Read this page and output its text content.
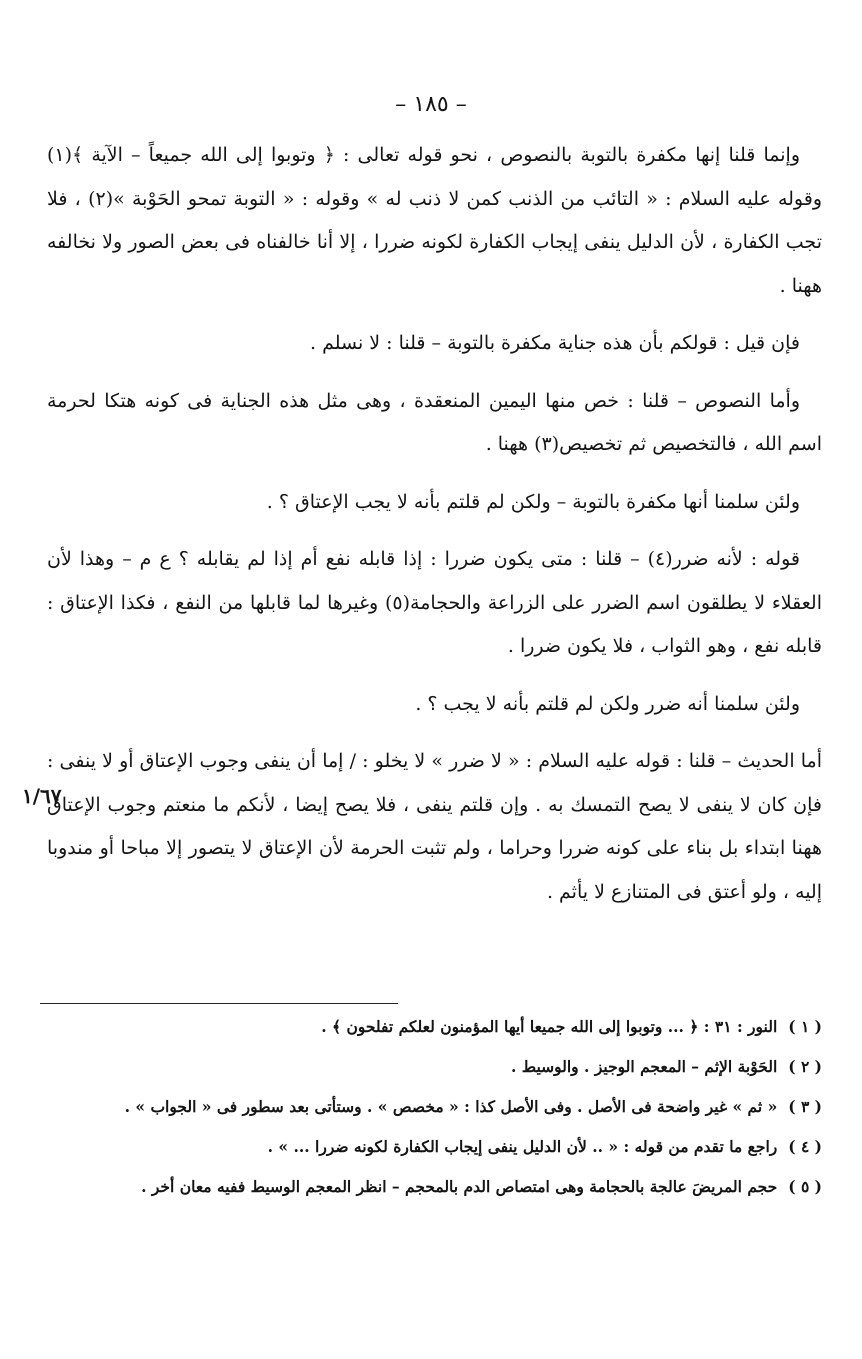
– ١٨٥ –
١/٦٧

وإنما قلنا إنها مكفرة بالتوبة بالنصوص ، نحو قوله تعالى : ﴿ وتوبوا إلى الله جميعاً – الآية ﴾(١) وقوله عليه السلام : « التائب من الذنب كمن لا ذنب له » وقوله : « التوبة تمحو الحَوْبة »(٢) ، فلا تجب الكفارة ، لأن الدليل ينفى إيجاب الكفارة لكونه ضررا ، إلا أنا خالفناه فى بعض الصور ولا نخالفه ههنا .

فإن قيل : قولكم بأن هذه جناية مكفرة بالتوبة – قلنا : لا نسلم .

وأما النصوص – قلنا : خص منها اليمين المنعقدة ، وهى مثل هذه الجناية فى كونه هتكا لحرمة اسم الله ، فالتخصيص ثم تخصيص(٣) ههنا .

ولئن سلمنا أنها مكفرة بالتوبة – ولكن لم قلتم بأنه لا يجب الإعتاق ؟ .

قوله : لأنه ضرر(٤) – قلنا : متى يكون ضررا : إذا قابله نفع أم إذا لم يقابله ؟ ع م – وهذا لأن العقلاء لا يطلقون اسم الضرر على الزراعة والحجامة(٥) وغيرها لما قابلها من النفع ، فكذا الإعتاق : قابله نفع ، وهو الثواب ، فلا يكون ضررا .

ولئن سلمنا أنه ضرر ولكن لم قلتم بأنه لا يجب ؟ .

أما الحديث – قلنا : قوله عليه السلام : « لا ضرر » لا يخلو : / إما أن ينفى وجوب الإعتاق أو لا ينفى : فإن كان لا ينفى لا يصح التمسك به . وإن قلتم ينفى ، فلا يصح إيضا ، لأنكم ما منعتم وجوب الإعتاق ههنا ابتداء بل بناء على كونه ضررا وحراما ، ولم تثبت الحرمة لأن الإعتاق لا يتصور إلا مباحا أو مندوبا إليه ، ولو أعتق فى المتنازع لا يأثم .

( ١ ) النور : ٣١ : ﴿ ... وتوبوا إلى الله جميعا أيها المؤمنون لعلكم تفلحون ﴾ .

( ٢ ) الحَوْبة الإثم – المعجم الوجيز . والوسيط .

( ٣ ) « ثم » غير واضحة فى الأصل . وفى الأصل كذا : « مخصص » . وستأتى بعد سطور فى « الجواب » .

( ٤ ) راجع ما تقدم من قوله : « .. لأن الدليل ينفى إيجاب الكفارة لكونه ضررا ... » .

( ٥ ) حجم المريضَ عالجة بالحجامة وهى امتصاص الدم بالمحجم – انظر المعجم الوسيط ففيه معان أخر .
